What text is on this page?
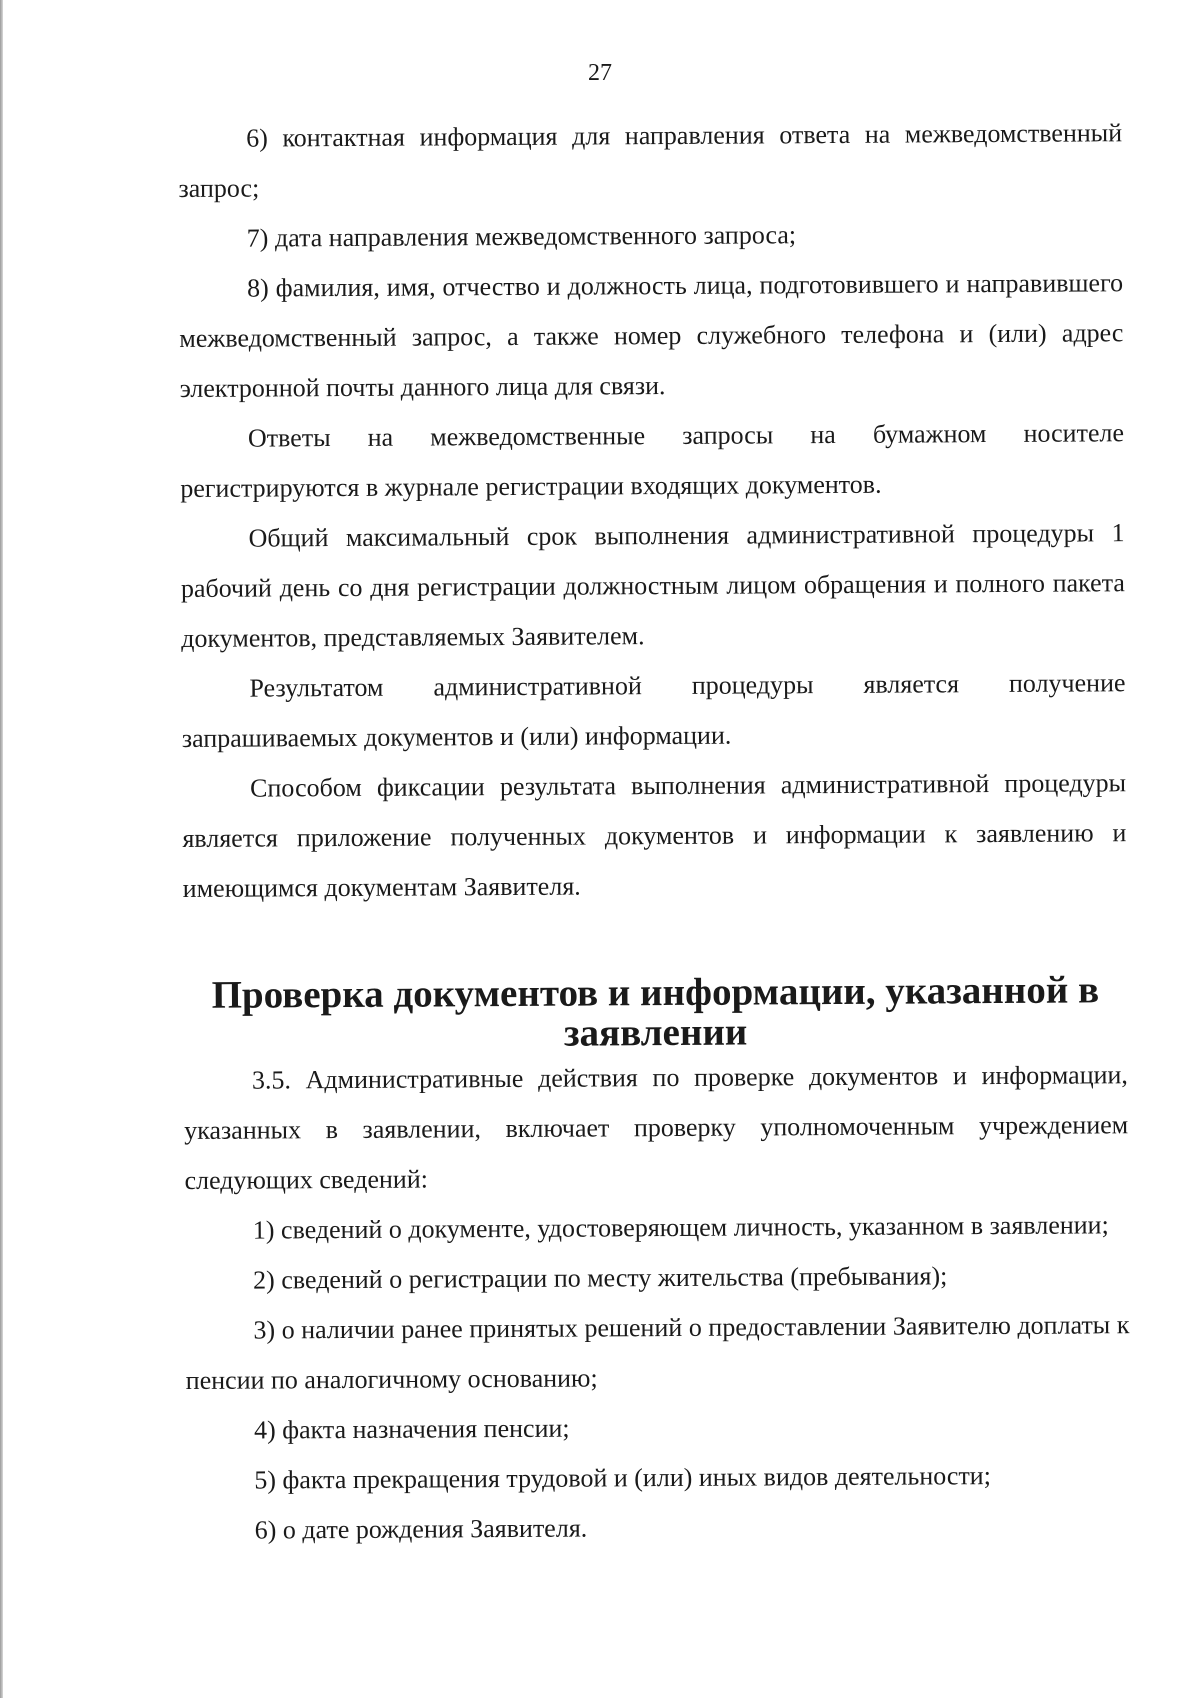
27

6) контактная информация для направления ответа на межведомственный запрос;

7) дата направления межведомственного запроса;

8) фамилия, имя, отчество и должность лица, подготовившего и направившего межведомственный запрос, а также номер служебного телефона и (или) адрес электронной почты данного лица для связи.

Ответы на межведомственные запросы на бумажном носителе регистрируются в журнале регистрации входящих документов.

Общий максимальный срок выполнения административной процедуры 1 рабочий день со дня регистрации должностным лицом обращения и полного пакета документов, представляемых Заявителем.

Результатом административной процедуры является получение запрашиваемых документов и (или) информации.

Способом фиксации результата выполнения административной процедуры является приложение полученных документов и информации к заявлению и имеющимся документам Заявителя.

Проверка документов и информации, указанной в заявлении

3.5. Административные действия по проверке документов и информации, указанных в заявлении, включает проверку уполномоченным учреждением следующих сведений:

1) сведений о документе, удостоверяющем личность, указанном в заявлении;

2) сведений о регистрации по месту жительства (пребывания);

3) о наличии ранее принятых решений о предоставлении Заявителю доплаты к пенсии по аналогичному основанию;

4) факта назначения пенсии;

5) факта прекращения трудовой и (или) иных видов деятельности;

6) о дате рождения Заявителя.
